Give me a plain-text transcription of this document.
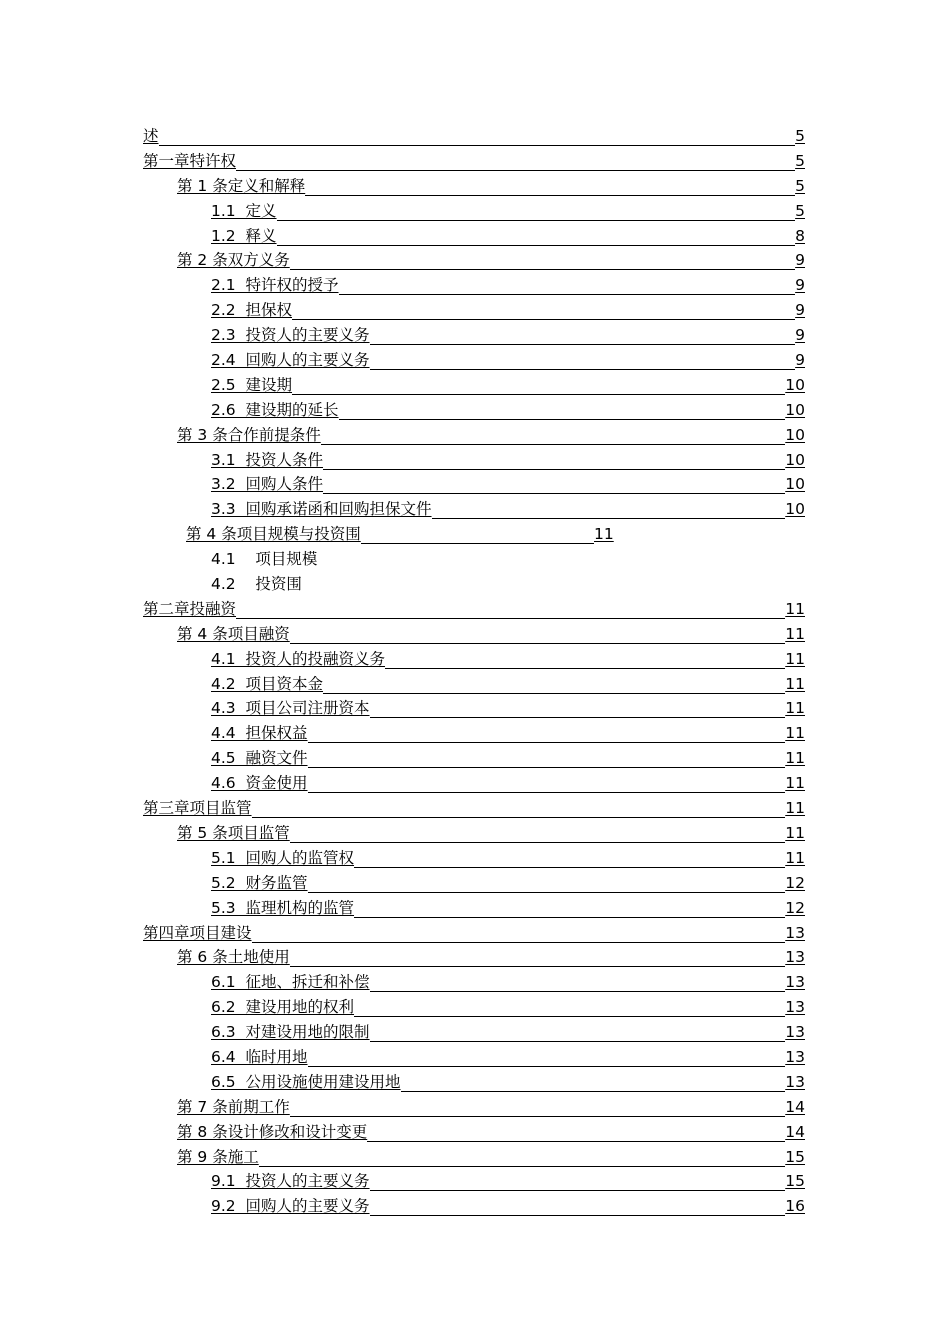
述	5
第一章特许权	5
第 1 条定义和解释	5
1.1  定义	5
1.2  释义	8
第 2 条双方义务	9
2.1  特许权的授予	9
2.2  担保权	9
2.3  投资人的主要义务	9
2.4  回购人的主要义务	9
2.5  建设期	10
2.6  建设期的延长	10
第 3 条合作前提条件	10
3.1  投资人条件	10
3.2  回购人条件	10
3.3  回购承诺函和回购担保文件	10
第 4 条项目规模与投资围	11
4.1    项目规模
4.2    投资围
第二章投融资	11
第 4 条项目融资	11
4.1  投资人的投融资义务	11
4.2  项目资本金	11
4.3  项目公司注册资本	11
4.4  担保权益	11
4.5  融资文件	11
4.6  资金使用	11
第三章项目监管	11
第 5 条项目监管	11
5.1  回购人的监管权	11
5.2  财务监管	12
5.3  监理机构的监管	12
第四章项目建设	13
第 6 条土地使用	13
6.1  征地、拆迁和补偿	13
6.2  建设用地的权利	13
6.3  对建设用地的限制	13
6.4  临时用地	13
6.5  公用设施使用建设用地	13
第 7 条前期工作	14
第 8 条设计修改和设计变更	14
第 9 条施工	15
9.1  投资人的主要义务	15
9.2  回购人的主要义务	16
